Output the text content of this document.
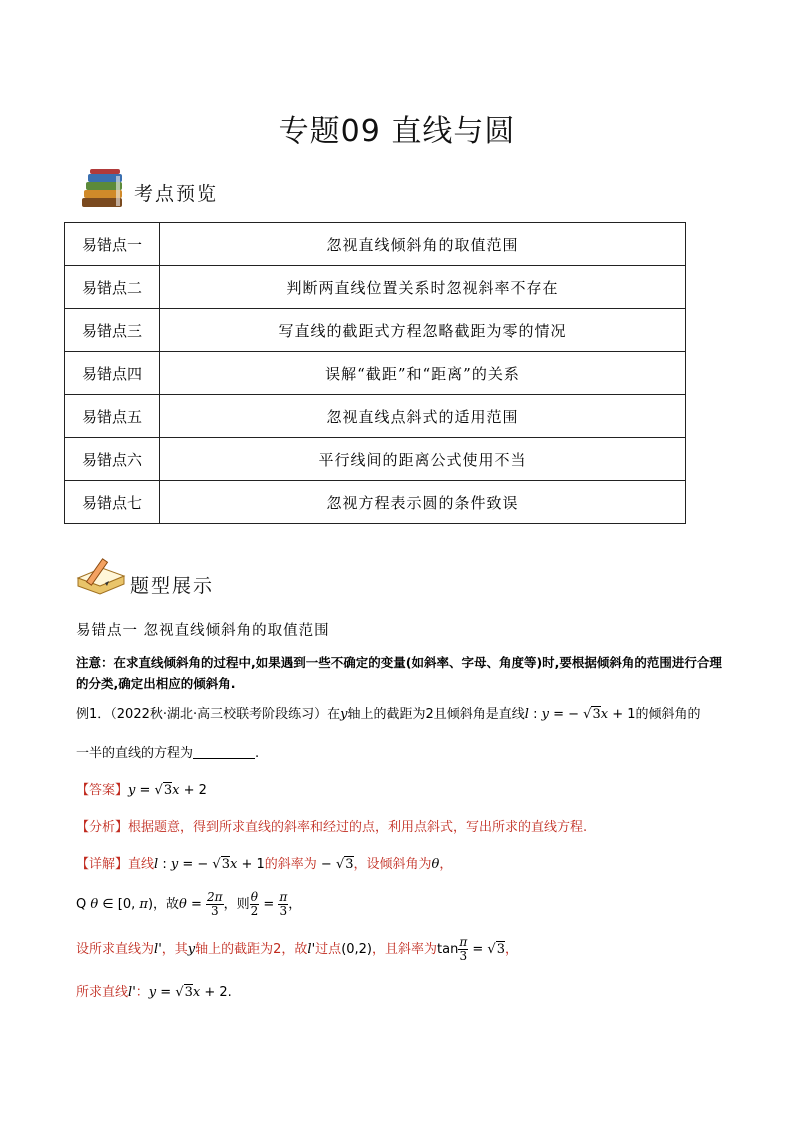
专题09 直线与圆
考点预览
易错点一	忽视直线倾斜角的取值范围
易错点二	判断两直线位置关系时忽视斜率不存在
易错点三	写直线的截距式方程忽略截距为零的情况
易错点四	误解“截距”和“距离”的关系
易错点五	忽视直线点斜式的适用范围
易错点六	平行线间的距离公式使用不当
易错点七	忽视方程表示圆的条件致误
题型展示
易错点一 忽视直线倾斜角的取值范围
注意：在求直线倾斜角的过程中,如果遇到一些不确定的变量(如斜率、字母、角度等)时,要根据倾斜角的范围进行合理的分类,确定出相应的倾斜角.
例1．（2022秋·湖北·高三校联考阶段练习）在y轴上的截距为2且倾斜角是直线l : y = − √3x + 1的倾斜角的
一半的直线的方程为	.
【答案】y = √3x + 2
【分析】根据题意，得到所求直线的斜率和经过的点，利用点斜式，写出所求的直线方程.
【详解】直线l : y = − √3x + 1的斜率为 − √3，设倾斜角为θ，
Q θ ∈ [0, π)，故$\theta = \frac{2\pi}{3}$ ，则 $\frac{\theta}{2} = \frac{\pi}{3}$ ，
设所求直线为l'，其y轴上的截距为2，故l'过点(0,2)，且斜率为$\tan \frac{\pi}{3} = √3$，
所求直线l'：y = √3x + 2.
